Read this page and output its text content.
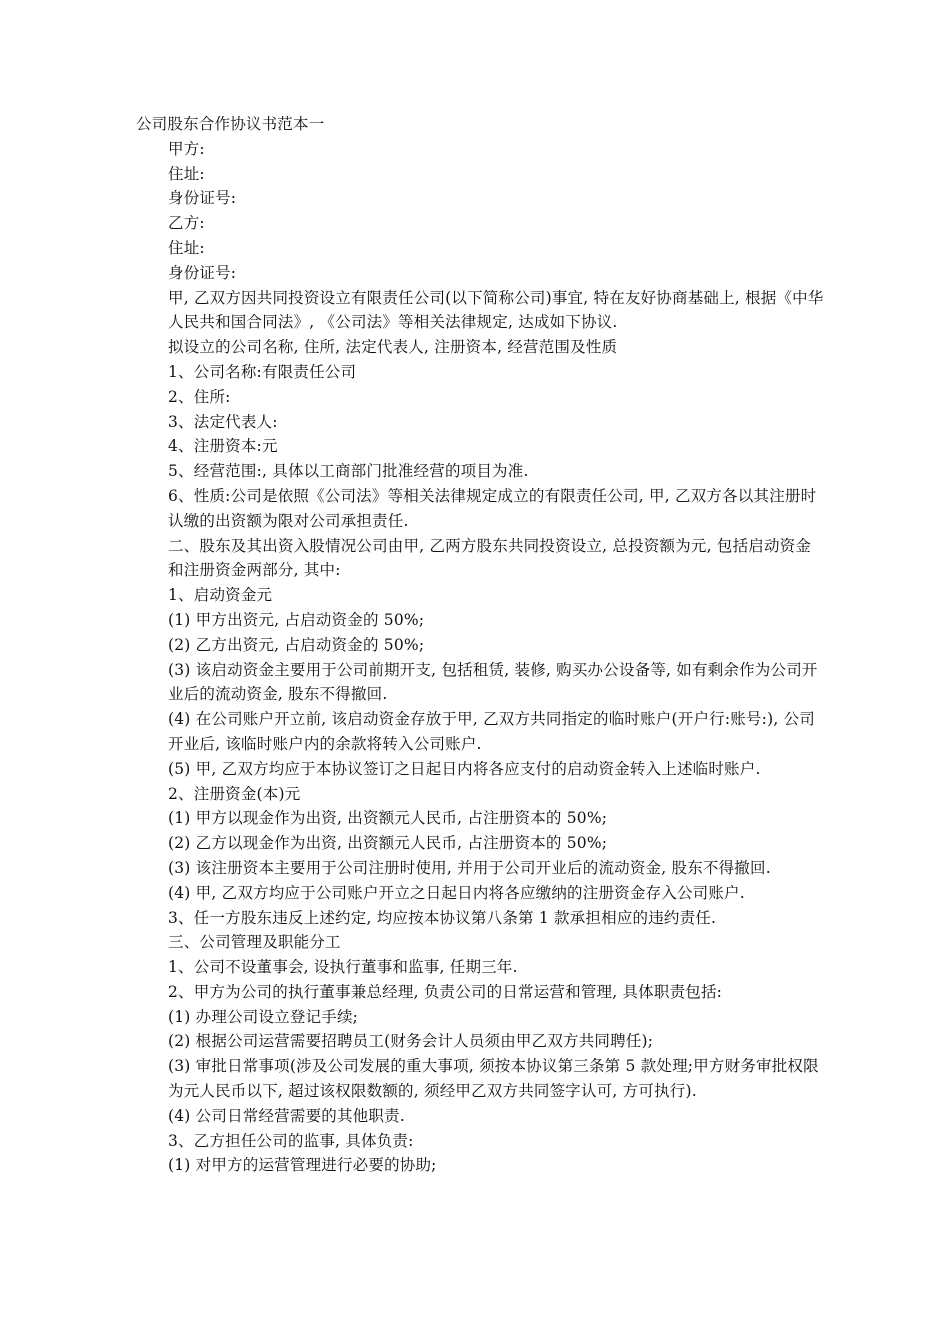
公司股东合作协议书范本一
甲方:
住址:
身份证号:
乙方:
住址:
身份证号:
甲, 乙双方因共同投资设立有限责任公司(以下简称公司)事宜, 特在友好协商基础上, 根据《中华人民共和国合同法》, 《公司法》等相关法律规定, 达成如下协议.
拟设立的公司名称, 住所, 法定代表人, 注册资本, 经营范围及性质
1、公司名称:有限责任公司
2、住所:
3、法定代表人:
4、注册资本:元
5、经营范围:, 具体以工商部门批准经营的项目为准.
6、性质:公司是依照《公司法》等相关法律规定成立的有限责任公司, 甲, 乙双方各以其注册时认缴的出资额为限对公司承担责任.
二、股东及其出资入股情况公司由甲, 乙两方股东共同投资设立, 总投资额为元, 包括启动资金和注册资金两部分, 其中:
1、启动资金元
(1) 甲方出资元, 占启动资金的 50%;
(2) 乙方出资元, 占启动资金的 50%;
(3) 该启动资金主要用于公司前期开支, 包括租赁, 装修, 购买办公设备等, 如有剩余作为公司开业后的流动资金, 股东不得撤回.
(4) 在公司账户开立前, 该启动资金存放于甲, 乙双方共同指定的临时账户(开户行:账号:), 公司开业后, 该临时账户内的余款将转入公司账户.
(5) 甲, 乙双方均应于本协议签订之日起日内将各应支付的启动资金转入上述临时账户.
2、注册资金(本)元
(1) 甲方以现金作为出资, 出资额元人民币, 占注册资本的 50%;
(2) 乙方以现金作为出资, 出资额元人民币, 占注册资本的 50%;
(3) 该注册资本主要用于公司注册时使用, 并用于公司开业后的流动资金, 股东不得撤回.
(4) 甲, 乙双方均应于公司账户开立之日起日内将各应缴纳的注册资金存入公司账户.
3、任一方股东违反上述约定, 均应按本协议第八条第 1 款承担相应的违约责任.
三、公司管理及职能分工
1、公司不设董事会, 设执行董事和监事, 任期三年.
2、甲方为公司的执行董事兼总经理, 负责公司的日常运营和管理, 具体职责包括:
(1) 办理公司设立登记手续;
(2) 根据公司运营需要招聘员工(财务会计人员须由甲乙双方共同聘任);
(3) 审批日常事项(涉及公司发展的重大事项, 须按本协议第三条第 5 款处理;甲方财务审批权限为元人民币以下, 超过该权限数额的, 须经甲乙双方共同签字认可, 方可执行).
(4) 公司日常经营需要的其他职责.
3、乙方担任公司的监事, 具体负责:
(1) 对甲方的运营管理进行必要的协助;
